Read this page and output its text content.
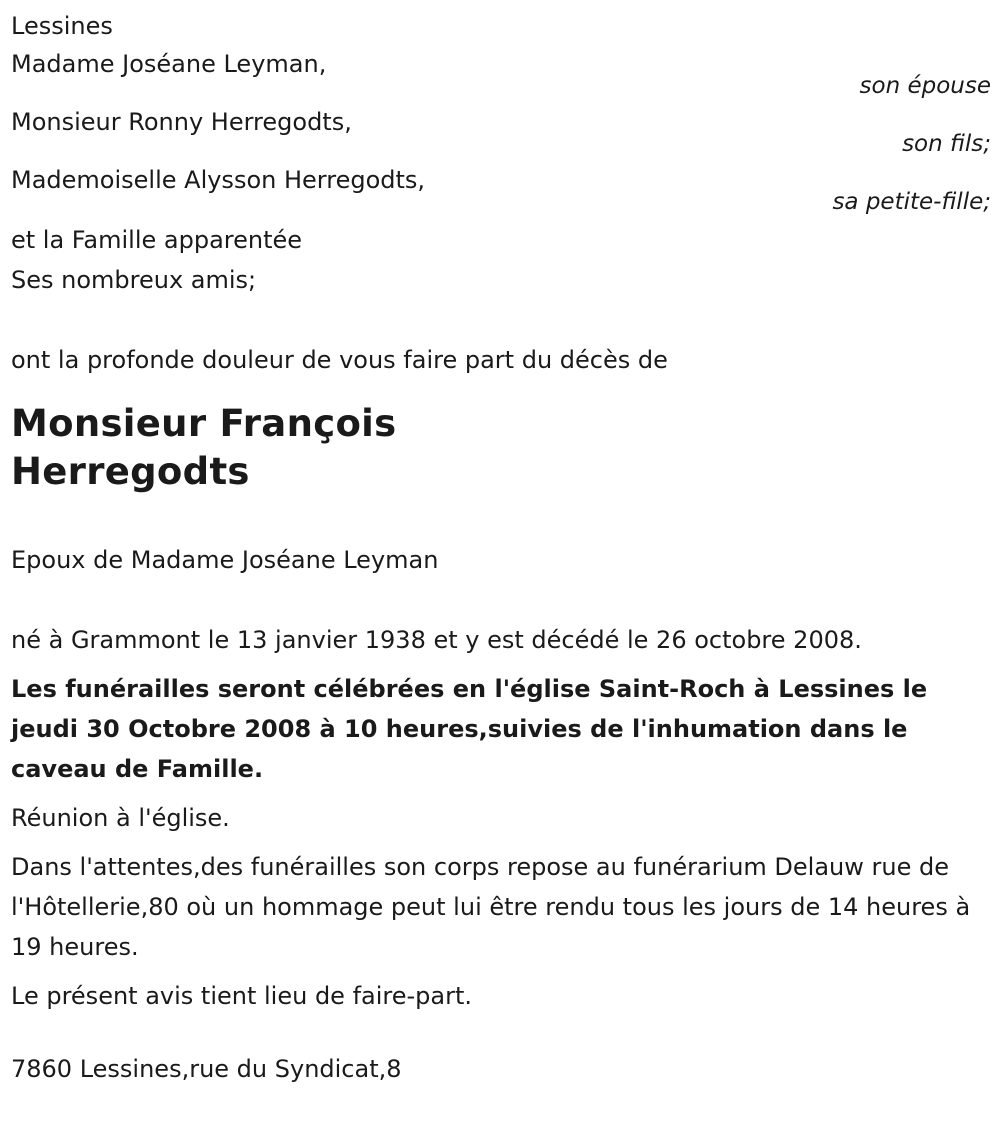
Lessines
Madame Joséane Leyman,
son épouse
Monsieur Ronny Herregodts,
son fils;
Mademoiselle Alysson Herregodts,
sa petite-fille;
et la Famille apparentée
Ses nombreux amis;
ont la profonde douleur de vous faire part du décès de
Monsieur François
Herregodts
Epoux de Madame Joséane Leyman
né à Grammont le 13 janvier 1938 et y est décédé le 26 octobre 2008.
Les funérailles seront célébrées en l'église Saint-Roch à Lessines le jeudi 30 Octobre 2008 à 10 heures,suivies de l'inhumation dans le caveau de Famille.
Réunion à l'église.
Dans l'attentes,des funérailles son corps repose au funérarium Delauw rue de l'Hôtellerie,80 où un hommage peut lui être rendu tous les jours de 14 heures à 19 heures.
Le présent avis tient lieu de faire-part.
7860 Lessines,rue du Syndicat,8
